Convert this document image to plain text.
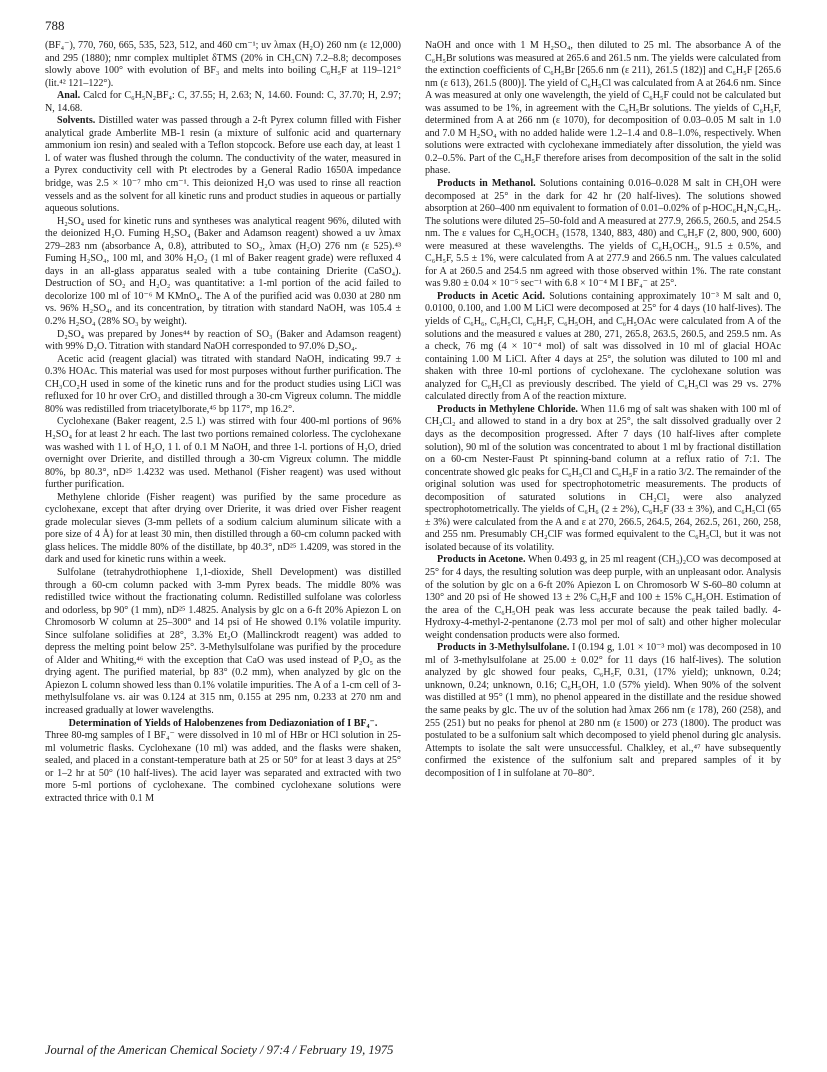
788

(BF₄⁻), 770, 760, 665, 535, 523, 512, and 460 cm⁻¹; uv λmax (H₂O) 260 nm (ε 12,000) and 295 (1880); nmr complex multiplet δTMS (20% in CH₃CN) 7.2–8.8; decomposes slowly above 100° with evolution of BF₃ and melts into boiling C₆H₅F at 119–121° (lit.⁴² 121–122°).

Anal. Calcd for C₆H₅N₂BF₄: C, 37.55; H, 2.63; N, 14.60. Found: C, 37.70; H, 2.97; N, 14.68.

Solvents. Distilled water was passed through a 2-ft Pyrex column filled with Fisher analytical grade Amberlite MB-1 resin (a mixture of sulfonic acid and quarternary ammonium ion resin) and sealed with a Teflon stopcock. Before use each day, at least 1 l. of water was flushed through the column. The conductivity of the water, measured in a Pyrex conductivity cell with Pt electrodes by a General Radio 1650A impedance bridge, was 2.5 × 10⁻⁷ mho cm⁻¹. This deionized H₂O was used to rinse all reaction vessels and as the solvent for all kinetic runs and product studies in aqueous or partially aqueous solutions.

H₂SO₄ used for kinetic runs and syntheses was analytical reagent 96%, diluted with the deionized H₂O. Fuming H₂SO₄ (Baker and Adamson reagent) showed a uv λmax 279–283 nm (absorbance A, 0.8), attributed to SO₂, λmax (H₂O) 276 nm (ε 525).⁴³ Fuming H₂SO₄, 100 ml, and 30% H₂O₂ (1 ml of Baker reagent grade) were refluxed 4 days in an all-glass apparatus sealed with a tube containing Drierite (CaSO₄). Destruction of SO₂ and H₂O₂ was quantitative: a 1-ml portion of the acid failed to decolorize 100 ml of 10⁻⁶ M KMnO₄. The A of the purified acid was 0.030 at 280 nm vs. 96% H₂SO₄, and its concentration, by titration with standard NaOH, was 105.4 ± 0.2% H₂SO₄ (28% SO₃ by weight).

D₂SO₄ was prepared by Jones⁴⁴ by reaction of SO₃ (Baker and Adamson reagent) with 99% D₂O. Titration with standard NaOH corresponded to 97.0% D₂SO₄.

Acetic acid (reagent glacial) was titrated with standard NaOH, indicating 99.7 ± 0.3% HOAc. This material was used for most purposes without further purification. The CH₃CO₂H used in some of the kinetic runs and for the product studies using LiCl was refluxed for 10 hr over CrO₃ and distilled through a 30-cm Vigreux column. The middle 80% was redistilled from triacetylborate,⁴⁵ bp 117°, mp 16.2°.

Cyclohexane (Baker reagent, 2.5 l.) was stirred with four 400-ml portions of 96% H₂SO₄ for at least 2 hr each. The last two portions remained colorless. The cyclohexane was washed with 1 l. of H₂O, 1 l. of 0.1 M NaOH, and three 1-l. portions of H₂O, dried overnight over Drierite, and distilled through a 30-cm Vigreux column. The middle 80%, bp 80.3°, nD²⁵ 1.4232 was used. Methanol (Fisher reagent) was used without further purification.

Methylene chloride (Fisher reagent) was purified by the same procedure as cyclohexane, except that after drying over Drierite, it was dried over Fisher reagent grade molecular sieves (3-mm pellets of a sodium calcium aluminum silicate with a pore size of 4 Å) for at least 30 min, then distilled through a 60-cm column packed with glass helices. The middle 80% of the distillate, bp 40.3°, nD²⁵ 1.4209, was stored in the dark and used for kinetic runs within a week.

Sulfolane (tetrahydrothiophene 1,1-dioxide, Shell Development) was distilled through a 60-cm column packed with 3-mm Pyrex beads. The middle 80% was redistilled twice without the fractionating column. Redistilled sulfolane was colorless and odorless, bp 90° (1 mm), nD²⁵ 1.4825. Analysis by glc on a 6-ft 20% Apiezon L on Chromosorb W column at 25–300° and 14 psi of He showed 0.1% volatile impurity. Since sulfolane solidifies at 28°, 3.3% Et₂O (Mallinckrodt reagent) was added to depress the melting point below 25°. 3-Methylsulfolane was purified by the procedure of Alder and Whiting,⁴⁶ with the exception that CaO was used instead of P₂O₅ as the drying agent. The purified material, bp 83° (0.2 mm), when analyzed by glc on the Apiezon L column showed less than 0.1% volatile impurities. The A of a 1-cm cell of 3-methylsulfolane vs. air was 0.124 at 315 nm, 0.155 at 295 nm, 0.233 at 270 nm and increased gradually at lower wavelengths.

Determination of Yields of Halobenzenes from Dediazoniation of I BF₄⁻.

Three 80-mg samples of I BF₄⁻ were dissolved in 10 ml of HBr or HCl solution in 25-ml volumetric flasks. Cyclohexane (10 ml) was added, and the flasks were shaken, sealed, and placed in a constant-temperature bath at 25 or 50° for at least 3 days at 25° or 1–2 hr at 50° (10 half-lives). The acid layer was separated and extracted with two more 5-ml portions of cyclohexane. The combined cyclohexane solutions were extracted thrice with 0.1 M

NaOH and once with 1 M H₂SO₄, then diluted to 25 ml. The absorbance A of the C₆H₅Br solutions was measured at 265.6 and 261.5 nm. The yields were calculated from the extinction coefficients of C₆H₅Br [265.6 nm (ε 211), 261.5 (182)] and C₆H₅F [265.6 nm (ε 613), 261.5 (800)]. The yield of C₆H₅Cl was calculated from A at 264.6 nm. Since A was measured at only one wavelength, the yield of C₆H₅F could not be calculated but was assumed to be 1%, in agreement with the C₆H₅Br solutions. The yields of C₆H₅F, determined from A at 266 nm (ε 1070), for decomposition of 0.03–0.05 M salt in 1.0 and 7.0 M H₂SO₄ with no added halide were 1.2–1.4 and 0.8–1.0%, respectively. When solutions were extracted with cyclohexane immediately after dissolution, the yield was 0.2–0.5%. Part of the C₆H₅F therefore arises from decomposition of the salt in the solid phase.

Products in Methanol. Solutions containing 0.016–0.028 M salt in CH₃OH were decomposed at 25° in the dark for 42 hr (20 half-lives). The solutions showed absorption at 260–400 nm equivalent to formation of 0.01–0.02% of p-HOC₆H₄N₂C₆H₅. The solutions were diluted 25–50-fold and A measured at 277.9, 266.5, 260.5, and 254.5 nm. The ε values for C₆H₅OCH₃ (1578, 1340, 883, 480) and C₆H₅F (2, 800, 900, 600) were measured at these wavelengths. The yields of C₆H₅OCH₃, 91.5 ± 0.5%, and C₆H₅F, 5.5 ± 1%, were calculated from A at 277.9 and 266.5 nm. The values calculated for A at 260.5 and 254.5 nm agreed with those observed within 1%. The rate constant was 9.80 ± 0.04 × 10⁻⁵ sec⁻¹ with 6.8 × 10⁻⁴ M I BF₄⁻ at 25°.

Products in Acetic Acid. Solutions containing approximately 10⁻³ M salt and 0, 0.0100, 0.100, and 1.00 M LiCl were decomposed at 25° for 4 days (10 half-lives). The yields of C₆H₆, C₆H₅Cl, C₆H₅F, C₆H₅OH, and C₆H₅OAc were calculated from A of the solutions and the measured ε values at 280, 271, 265.8, 263.5, 260.5, and 259.5 nm. As a check, 76 mg (4 × 10⁻⁴ mol) of salt was dissolved in 10 ml of glacial HOAc containing 1.00 M LiCl. After 4 days at 25°, the solution was diluted to 100 ml and shaken with three 10-ml portions of cyclohexane. The cyclohexane solution was analyzed for C₆H₅Cl as previously described. The yield of C₆H₅Cl was 29 vs. 27% calculated directly from A of the reaction mixture.

Products in Methylene Chloride. When 11.6 mg of salt was shaken with 100 ml of CH₂Cl₂ and allowed to stand in a dry box at 25°, the salt dissolved gradually over 2 days as the decomposition progressed. After 7 days (10 half-lives after complete solution), 90 ml of the solution was concentrated to about 1 ml by fractional distillation on a 60-cm Nester-Faust Pt spinning-band column at a reflux ratio of 7:1. The concentrate showed glc peaks for C₆H₅Cl and C₆H₅F in a ratio 3/2. The remainder of the original solution was used for spectrophotometric measurements. The products of decomposition of saturated solutions in CH₂Cl₂ were also analyzed spectrophotometrically. The yields of C₆H₆ (2 ± 2%), C₆H₅F (33 ± 3%), and C₆H₅Cl (65 ± 3%) were calculated from the A and ε at 270, 266.5, 264.5, 264, 262.5, 261, 260, 258, and 255 nm. Presumably CH₂ClF was formed equivalent to the C₆H₅Cl, but it was not isolated because of its volatility.

Products in Acetone. When 0.493 g, in 25 ml reagent (CH₃)₂CO was decomposed at 25° for 4 days, the resulting solution was deep purple, with an unpleasant odor. Analysis of the solution by glc on a 6-ft 20% Apiezon L on Chromosorb W S-60–80 column at 130° and 20 psi of He showed 13 ± 2% C₆H₅F and 100 ± 15% C₆H₅OH. Estimation of the area of the C₆H₅OH peak was less accurate because the peak tailed badly. 4-Hydroxy-4-methyl-2-pentanone (2.73 mol per mol of salt) and other higher molecular weight condensation products were also formed.

Products in 3-Methylsulfolane. I (0.194 g, 1.01 × 10⁻³ mol) was decomposed in 10 ml of 3-methylsulfolane at 25.00 ± 0.02° for 11 days (16 half-lives). The solution analyzed by glc showed four peaks, C₆H₅F, 0.31, (17% yield); unknown, 0.24; unknown, 0.24; unknown, 0.16; C₆H₅OH, 1.0 (57% yield). When 90% of the solvent was distilled at 95° (1 mm), no phenol appeared in the distillate and the residue showed the same peaks by glc. The uv of the solution had λmax 266 nm (ε 178), 260 (258), and 255 (251) but no peaks for phenol at 280 nm (ε 1500) or 273 (1800). The product was postulated to be a sulfonium salt which decomposed to yield phenol during glc analysis. Attempts to isolate the salt were unsuccessful. Chalkley, et al.,⁴⁷ have subsequently confirmed the existence of the sulfonium salt and prepared samples of it by decomposition of I in sulfolane at 70–80°.

Journal of the American Chemical Society / 97:4 / February 19, 1975
